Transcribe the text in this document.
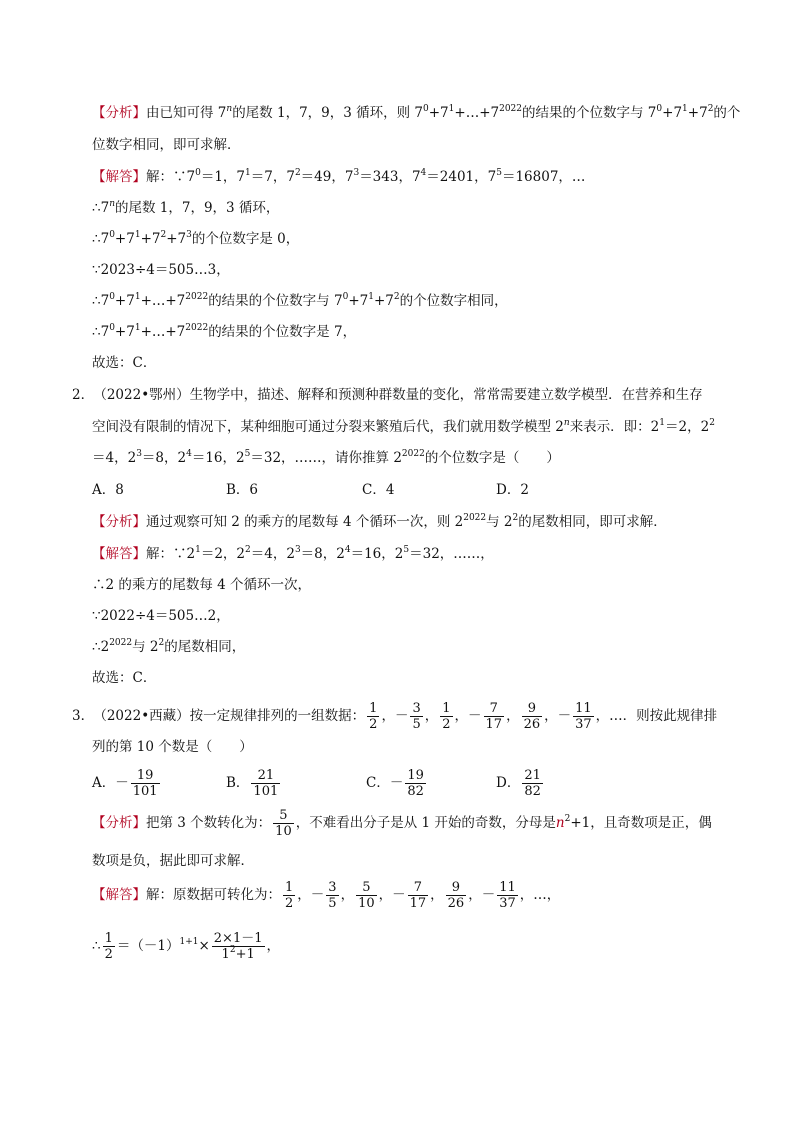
【分析】由已知可得 7$^n$的尾数 1，7，9，3 循环，则 $7^0+7^1+\dots+7^{2022}$的结果的个位数字与 $7^0+7^1+7^2$的个
位数字相同，即可求解．
【解答】解：$\because 7^0=1$，$7^1=7$，$7^2=49$，$7^3=343$，$7^4=2401$，$7^5=16807$，…
∴7$^n$的尾数 1，7，9，3 循环，
$\therefore 7^0+7^1+7^2+7^3$的个位数字是 0，
∵2023÷4＝505…3，
$\therefore 7^0+7^1+\dots+7^{2022}$的结果的个位数字与 $7^0+7^1+7^2$的个位数字相同，
$\therefore 7^0+7^1+\dots+7^{2022}$的结果的个位数字是 7，
故选：C．
2． （2022•鄂州）生物学中，描述、解释和预测种群数量的变化，常常需要建立数学模型．在营养和生存
空间没有限制的情况下，某种细胞可通过分裂来繁殖后代，我们就用数学模型 2$^n$来表示．即：$2^1=2$，$2^2$
＝4，$2^3=8$，$2^4=16$，$2^5=32$，……，请你推算 $2^{2022}$的个位数字是（　　）
A．8	B．6	C．4	D．2
【分析】通过观察可知 2 的乘方的尾数每 4 个循环一次，则 $2^{2022}$与 $2^2$的尾数相同，即可求解．
【解答】解：$\because 2^1=2$，$2^2=4$，$2^3=8$，$2^4=16$，$2^5=32$，……，
∴2 的乘方的尾数每 4 个循环一次，
∵2022÷4＝505…2，
$\therefore 2^{2022}$与 $2^2$的尾数相同，
故选：C．
3． （2022•西藏）按一定规律排列的一组数据： $\frac{1}{2}$ ，－ $\frac{3}{5}$ ， $\frac{1}{2}$ ，－ $\frac{7}{17}$ ， $\frac{9}{26}$ ，－ $\frac{11}{37}$ ，…．则按此规律排
列的第 10 个数是（　　）
A．－ $\frac{19}{101}$	B． $\frac{21}{101}$	C．－ $\frac{19}{82}$	D． $\frac{21}{82}$
【分析】把第 3 个数转化为： $\frac{5}{10}$ ，不难看出分子是从 1 开始的奇数，分母是$n^2+1$，且奇数项是正，偶
数项是负，据此即可求解．
【解答】解：原数据可转化为： $\frac{1}{2}$ ，－ $\frac{3}{5}$ ， $\frac{5}{10}$ ，－ $\frac{7}{17}$ ， $\frac{9}{26}$ ，－ $\frac{11}{37}$ ，…，
∴ $\frac{1}{2} =(-1)^{1+1}\times \frac{2\times 1-1}{1^2+1}$ ，
